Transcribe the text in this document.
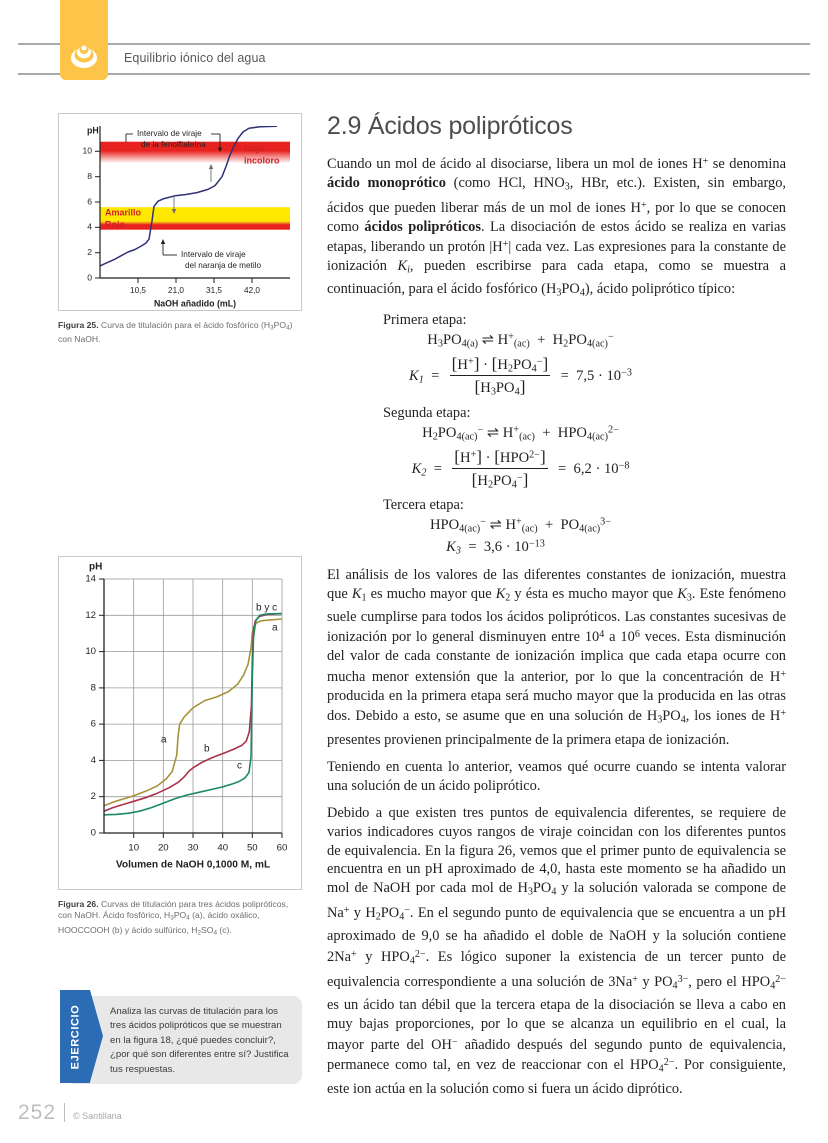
Equilibrio iónico del agua
0
2
4
6
8
10
pH
10,5	21,0	31,5	42,0
NaOH añadido (mL)
Intervalo de viraje
de la fenolftaleína	Rojo
incoloro
Amarillo
Rojo
Intervalo de viraje
del naranja de metilo
Figura 25. Curva de titulación para el ácido fosfórico $(H_3PO_4)$ con NaOH.
0
2
4
6
8
10
12
14
pH
10 20 30 40 50 60
Volumen de NaOH 0,1000 M, mL
b y c
a
a
b
c
Figura 26. Curvas de titulación para tres ácidos polipróticos, con NaOH. Ácido fosfórico, $H_3PO_4$ (a), ácido oxálico, HOOCCOOH (b) y ácido sulfúrico, $H_2SO_4$ (c).
EJERCICIO	Analiza las curvas de titulación para los tres ácidos polipróticos que se muestran en la figura 18, ¿qué puedes concluir?, ¿por qué son diferentes entre sí? Justifica tus respuestas.
2.9 Ácidos polipróticos

Cuando un mol de ácido al disociarse, libera un mol de iones H+ se denomina ácido monoprótico (como HCl, $HNO_3$, HBr, etc.). Existen, sin embargo, ácidos que pueden liberar más de un mol de iones H+, por lo que se conocen como ácidos polipróticos. La disociación de estos ácido se realiza en varias etapas, liberando un protón |H+| cada vez. Las expresiones para la constante de ionización $K_i$, pueden escribirse para cada etapa, como se muestra a continuación, para el ácido fosfórico $(H_3PO_4)$, ácido poliprótico típico:

Primera etapa:
$H_3PO_{4(a)}$ ⇌ $H^+_{(ac)} + H_2PO_{4(ac)}^-$
$K_1$  = [ H+ ] · [ $H_2PO_4^-$ ]
[ $H_3PO_4$ ] =  $7,5 \cdot 10^{-3}$
Segunda etapa:
$H_2PO_{4(ac)}^-$ ⇌ $H^+_{(ac)} + HPO_{4(ac)}^{2-}$
$K_2$  = [ H+ ] · [ $HPO^{2-}$ ]
[ $H_2PO_4^-$ ] =  $6,2 \cdot 10^{-8}$
Tercera etapa:
$HPO_{4(ac)}^-$ ⇌ $H^+_{(ac)} + PO_{4(ac)}^{3-}$
$K_3 = 3,6 \cdot 10^{-13}$

El análisis de los valores de las diferentes constantes de ionización, muestra que $K_1$ es mucho mayor que $K_2$ y ésta es mucho mayor que $K_3$. Este fenómeno suele cumplirse para todos los ácidos polipróticos. Las constantes sucesivas de ionización por lo general disminuyen entre $10^4$ a $10^6$ veces. Esta disminución del valor de cada constante de ionización implica que cada etapa ocurre con mucha menor extensión que la anterior, por lo que la concentración de H+ producida en la primera etapa será mucho mayor que la producida en las otras dos. Debido a esto, se asume que en una solución de $H_3PO_4$, los iones de H+ presentes provienen principalmente de la primera etapa de ionización.

Teniendo en cuenta lo anterior, veamos qué ocurre cuando se intenta valorar una solución de un ácido poliprótico.

Debido a que existen tres puntos de equivalencia diferentes, se requiere de varios indicadores cuyos rangos de viraje coincidan con los diferentes puntos de equivalencia. En la figura 26, vemos que el primer punto de equivalencia se encuentra en un pH aproximado de 4,0, hasta este momento se ha añadido un mol de NaOH por cada mol de $H_3PO_4$ y la solución valorada se compone de Na+ y $H_2PO_4^-$. En el segundo punto de equivalencia que se encuentra a un pH aproximado de 9,0 se ha añadido el doble de NaOH y la solución contiene 2Na+ y $HPO_4^{2-}$. Es lógico suponer la existencia de un tercer punto de equivalencia correspondiente a una solución de 3Na+ y $PO_4^{3-}$, pero el $HPO_4^{2-}$ es un ácido tan débil que la tercera etapa de la disociación se lleva a cabo en muy bajas proporciones, por lo que se alcanza un equilibrio en el cual, la mayor parte del OH− añadido después del segundo punto de equivalencia, permanece como tal, en vez de reaccionar con el $HPO_4^{2-}$. Por consiguiente, este ion actúa en la solución como si fuera un ácido diprótico.

252 © Santillana
